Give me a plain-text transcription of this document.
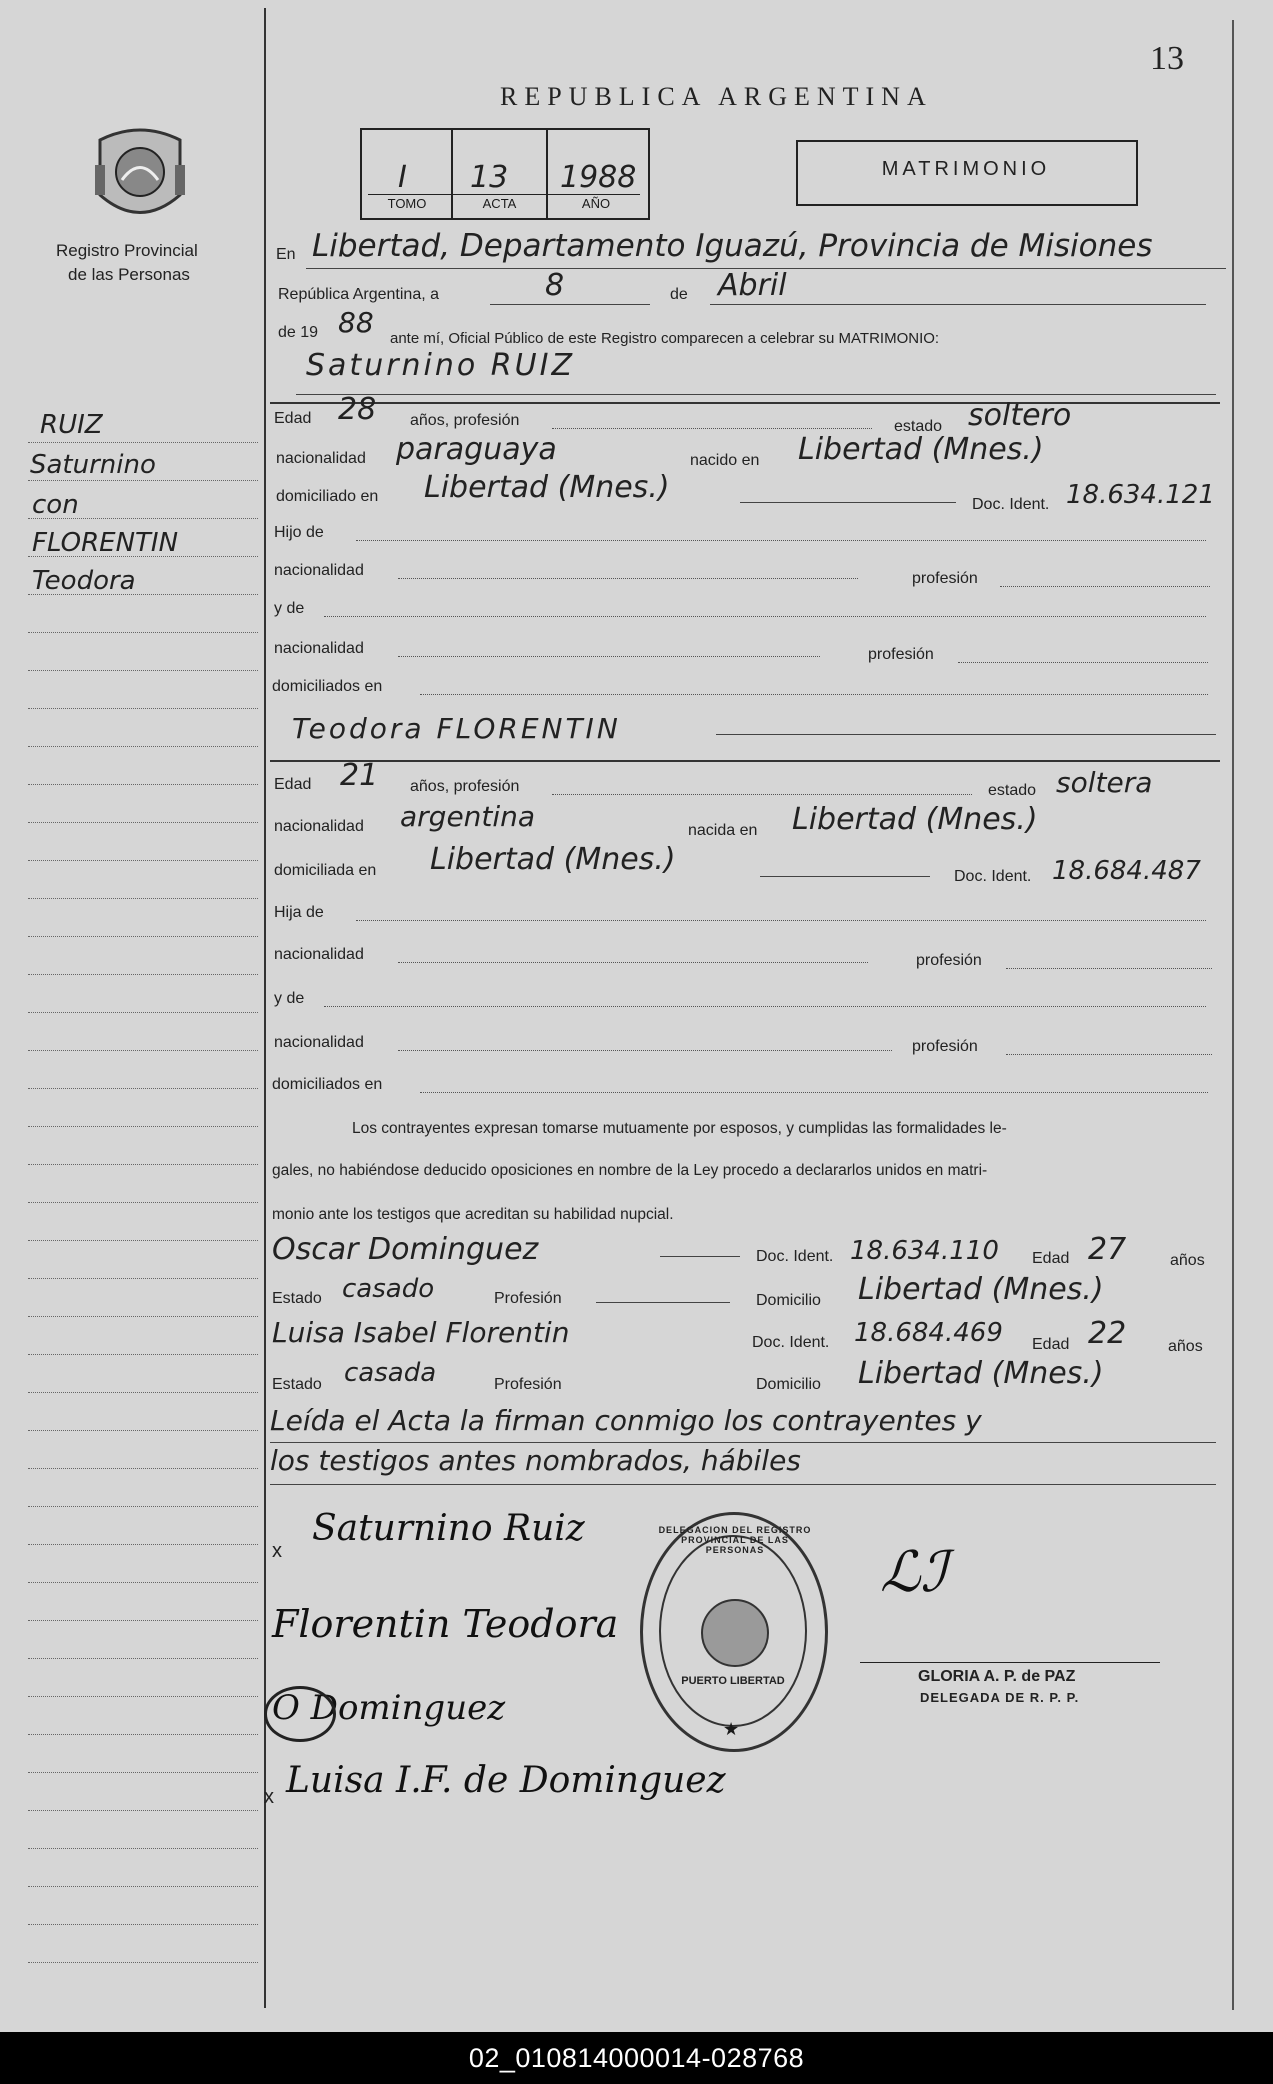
13
REPUBLICA ARGENTINA
Registro Provincial
de las Personas
I 13 1988
TOMO	ACTA	AÑO
MATRIMONIO
RUIZ
Saturnino
con
FLORENTIN
Teodora
En Libertad, Departamento Iguazú, Provincia de Misiones
República Argentina, a	8	de Abril
de 19 88 ante mí, Oficial Público de este Registro comparecen a celebrar su MATRIMONIO:
Saturnino RUIZ
Edad 28 años, profesión	estado soltero
nacionalidad paraguaya	nacido en Libertad (Mnes.)
domiciliado en Libertad (Mnes.)	Doc. Ident. 18.634.121
Hijo de
nacionalidad	profesión
y de
nacionalidad	profesión
domiciliados en
Teodora FLORENTIN
Edad 21 años, profesión	estado soltera
nacionalidad argentina	nacida en Libertad (Mnes.)
domiciliada en Libertad (Mnes.)	Doc. Ident. 18.684.487
Hija de
nacionalidad	profesión
y de
nacionalidad	profesión
domiciliados en
Los contrayentes expresan tomarse mutuamente por esposos, y cumplidas las formalidades le-
gales, no habiéndose deducido oposiciones en nombre de la Ley procedo a declararlos unidos en matri-
monio ante los testigos que acreditan su habilidad nupcial.
Oscar Dominguez	Doc. Ident. 18.634.110 Edad 27	años
Estado casado	Profesión	Domicilio Libertad (Mnes.)
Luisa Isabel Florentin	Doc. Ident. 18.684.469 Edad 22	años
Estado casada	Profesión	Domicilio Libertad (Mnes.)
Leída el Acta la firman conmigo los contrayentes y
los testigos antes nombrados, hábiles
x
Saturnino Ruiz
Florentin Teodora
O Dominguez
x Luisa I.F. de Dominguez
DELEGACION DEL REGISTRO PROVINCIAL DE LAS PERSONAS
PUERTO LIBERTAD
★
ℒℐ
GLORIA A. P. de PAZ
DELEGADA DE R. P. P.
02_010814000014-028768
